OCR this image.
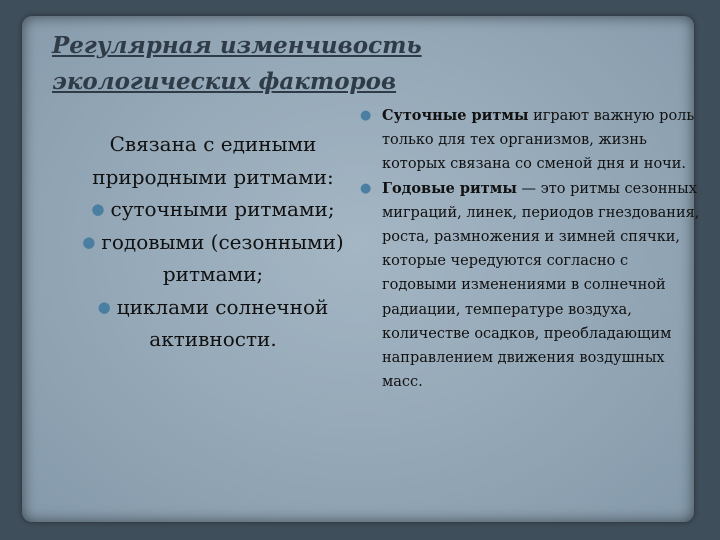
Регулярная изменчивость экологических факторов
Связана с едиными
природными ритмами:
● суточными ритмами;
● годовыми (сезонными) ритмами;
● циклами солнечной активности.
● Суточные ритмы играют важную роль только для тех организмов, жизнь которых связана со сменой дня и ночи.
● Годовые ритмы — это ритмы сезонных миграций, линек, периодов гнездования, роста, размножения и зимней спячки, которые чередуются согласно с годовыми изменениями в солнечной радиации, температуре воздуха, количестве осадков, преобладающим направлением движения воздушных масс.
